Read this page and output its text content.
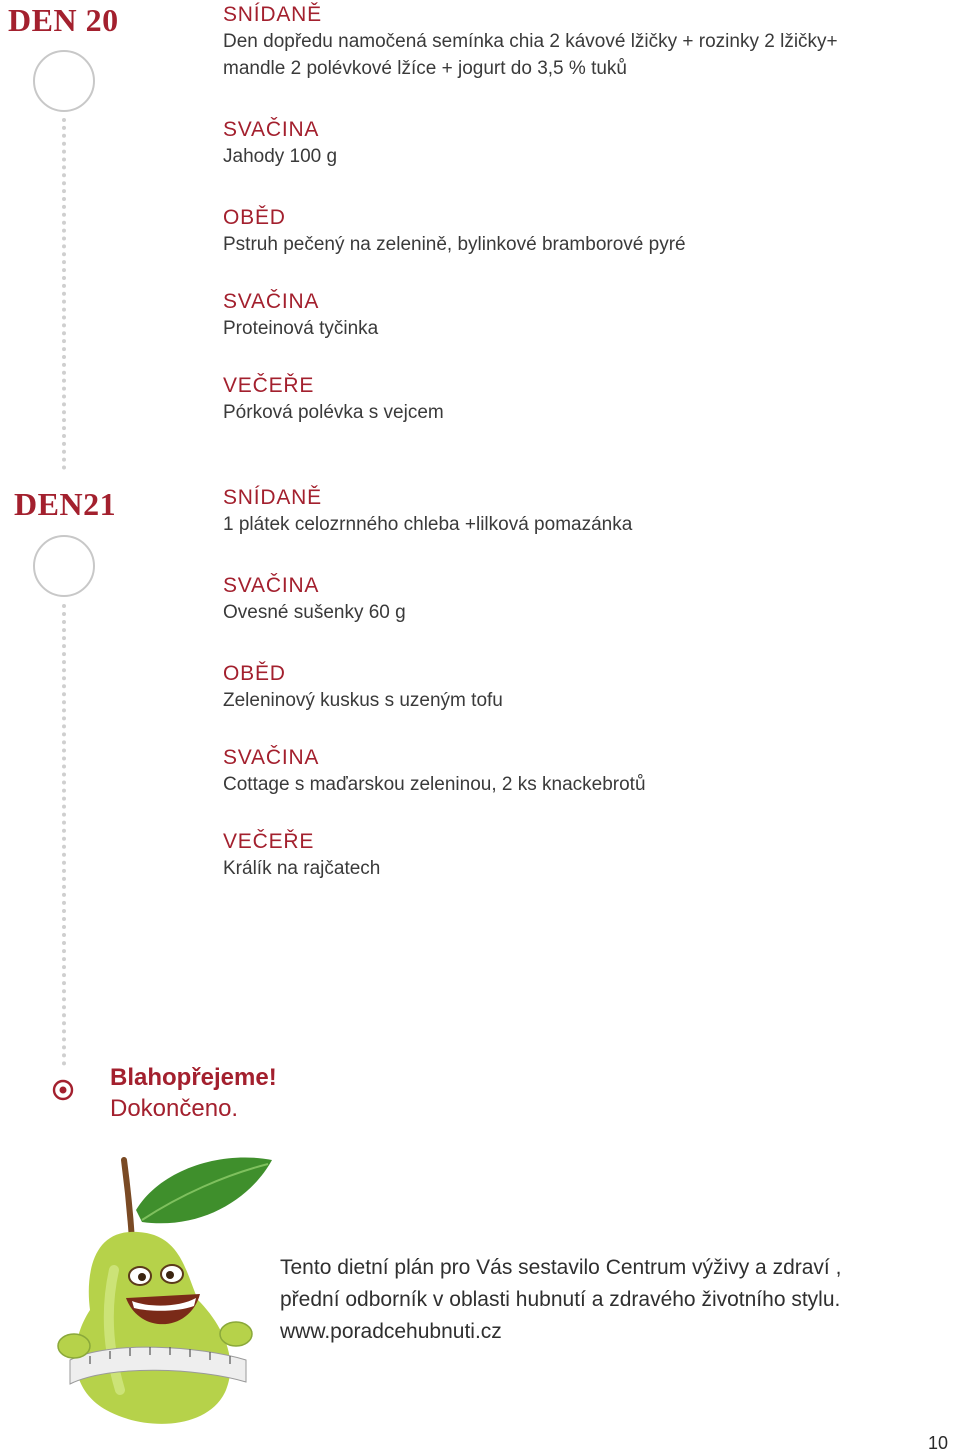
DEN 20	SNÍDANĚ
Den dopředu namočená semínka chia 2 kávové lžičky + rozinky 2 lžičky+
mandle 2 polévkové lžíce + jogurt do 3,5 % tuků
SVAČINA
Jahody 100 g
OBĚD
Pstruh pečený na zelenině, bylinkové bramborové pyré
SVAČINA
Proteinová tyčinka
VEČEŘE
Pórková polévka s vejcem
DEN21	SNÍDANĚ
1 plátek celozrnného chleba +lilková pomazánka
SVAČINA
Ovesné sušenky 60 g
OBĚD
Zeleninový kuskus s uzeným tofu
SVAČINA
Cottage s maďarskou zeleninou, 2 ks knackebrotů
VEČEŘE
Králík na rajčatech
Blahopřejeme!
Dokončeno.
Tento dietní plán pro Vás sestavilo Centrum výživy a zdraví ,
přední odborník v oblasti hubnutí a zdravého životního stylu.
www.poradcehubnuti.cz
10
